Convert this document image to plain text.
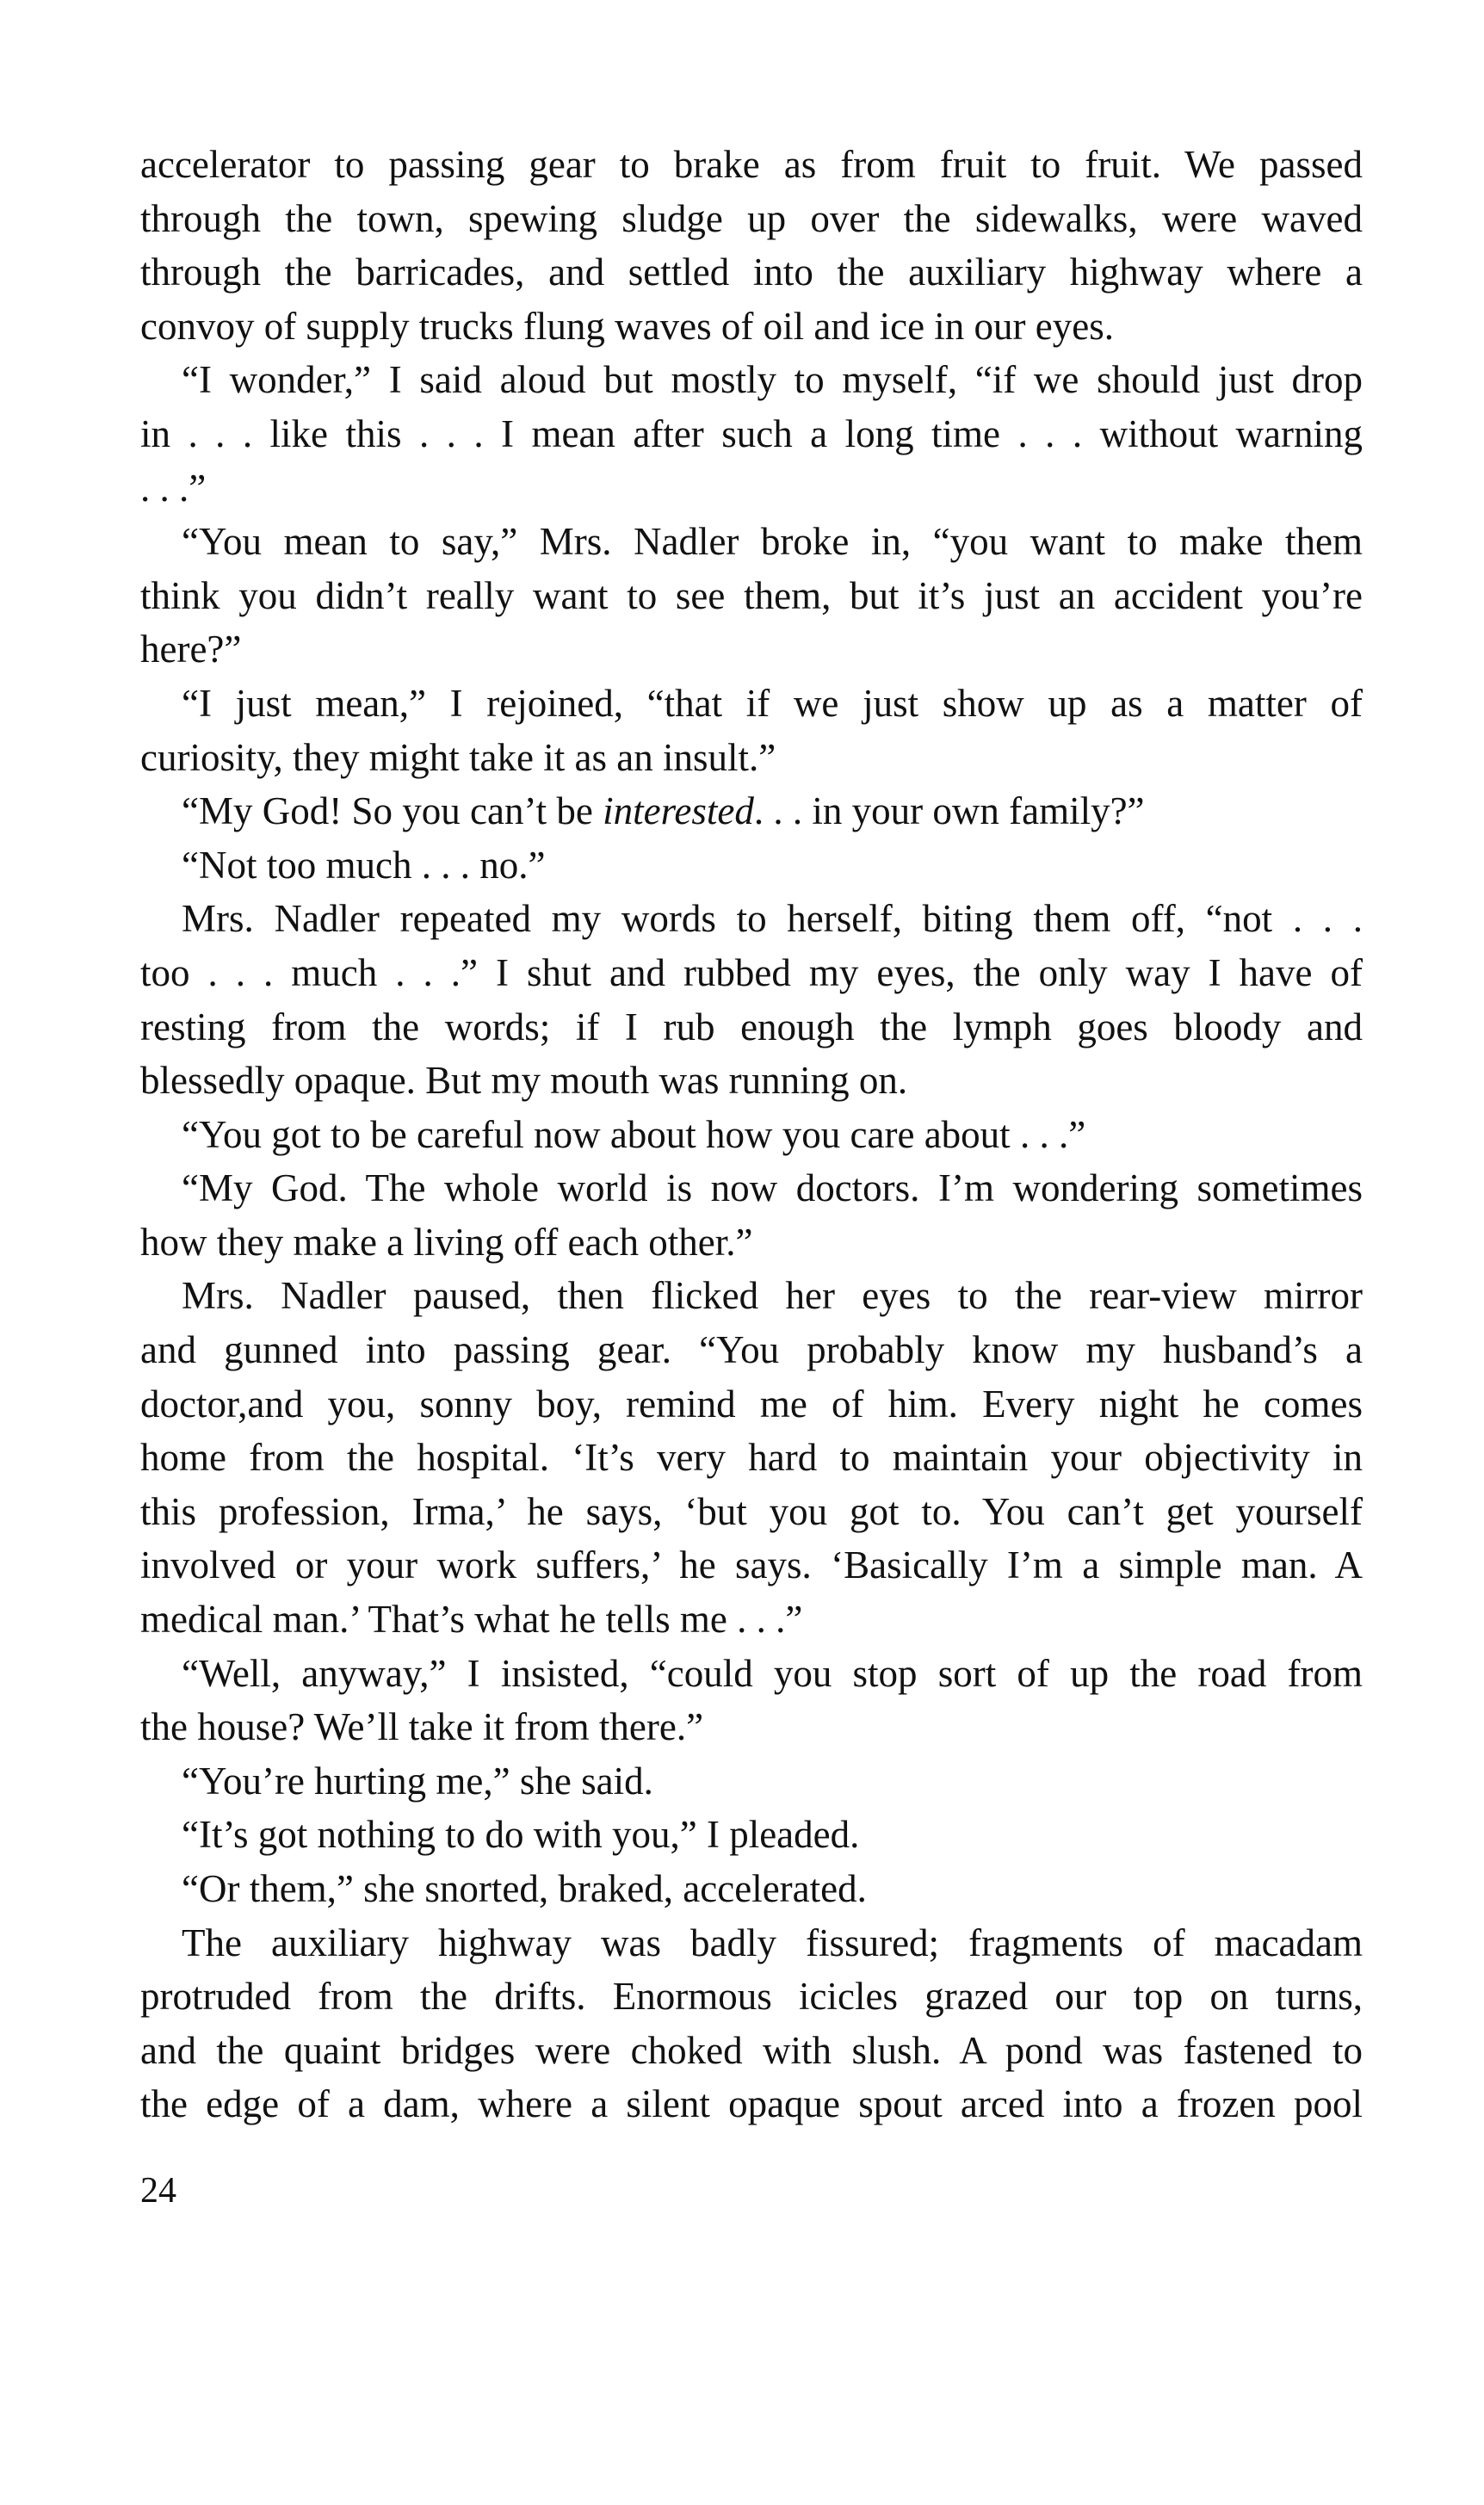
accelerator to passing gear to brake as from fruit to fruit. We passed
through the town, spewing sludge up over the sidewalks, were waved
through the barricades, and settled into the auxiliary highway where a
convoy of supply trucks flung waves of oil and ice in our eyes.
“I wonder,” I said aloud but mostly to myself, “if we should just drop
in . . . like this . . . I mean after such a long time . . . without warning
. . .”
“You mean to say,” Mrs. Nadler broke in, “you want to make them
think you didn’t really want to see them, but it’s just an accident you’re
here?”
“I just mean,” I rejoined, “that if we just show up as a matter of
curiosity, they might take it as an insult.”
“My God! So you can’t be interested. . . in your own family?”
“Not too much . . . no.”
Mrs. Nadler repeated my words to herself, biting them off, “not . . .
too . . . much . . .” I shut and rubbed my eyes, the only way I have of
resting from the words; if I rub enough the lymph goes bloody and
blessedly opaque. But my mouth was running on.
“You got to be careful now about how you care about . . .”
“My God. The whole world is now doctors. I’m wondering sometimes
how they make a living off each other.”
Mrs. Nadler paused, then flicked her eyes to the rear-view mirror
and gunned into passing gear. “You probably know my husband’s a
doctor,and you, sonny boy, remind me of him. Every night he comes
home from the hospital. ‘It’s very hard to maintain your objectivity in
this profession, Irma,’ he says, ‘but you got to. You can’t get yourself
involved or your work suffers,’ he says. ‘Basically I’m a simple man. A
medical man.’ That’s what he tells me . . .”
“Well, anyway,” I insisted, “could you stop sort of up the road from
the house? We’ll take it from there.”
“You’re hurting me,” she said.
“It’s got nothing to do with you,” I pleaded.
“Or them,” she snorted, braked, accelerated.
The auxiliary highway was badly fissured; fragments of macadam
protruded from the drifts. Enormous icicles grazed our top on turns,
and the quaint bridges were choked with slush. A pond was fastened to
the edge of a dam, where a silent opaque spout arced into a frozen pool
24
